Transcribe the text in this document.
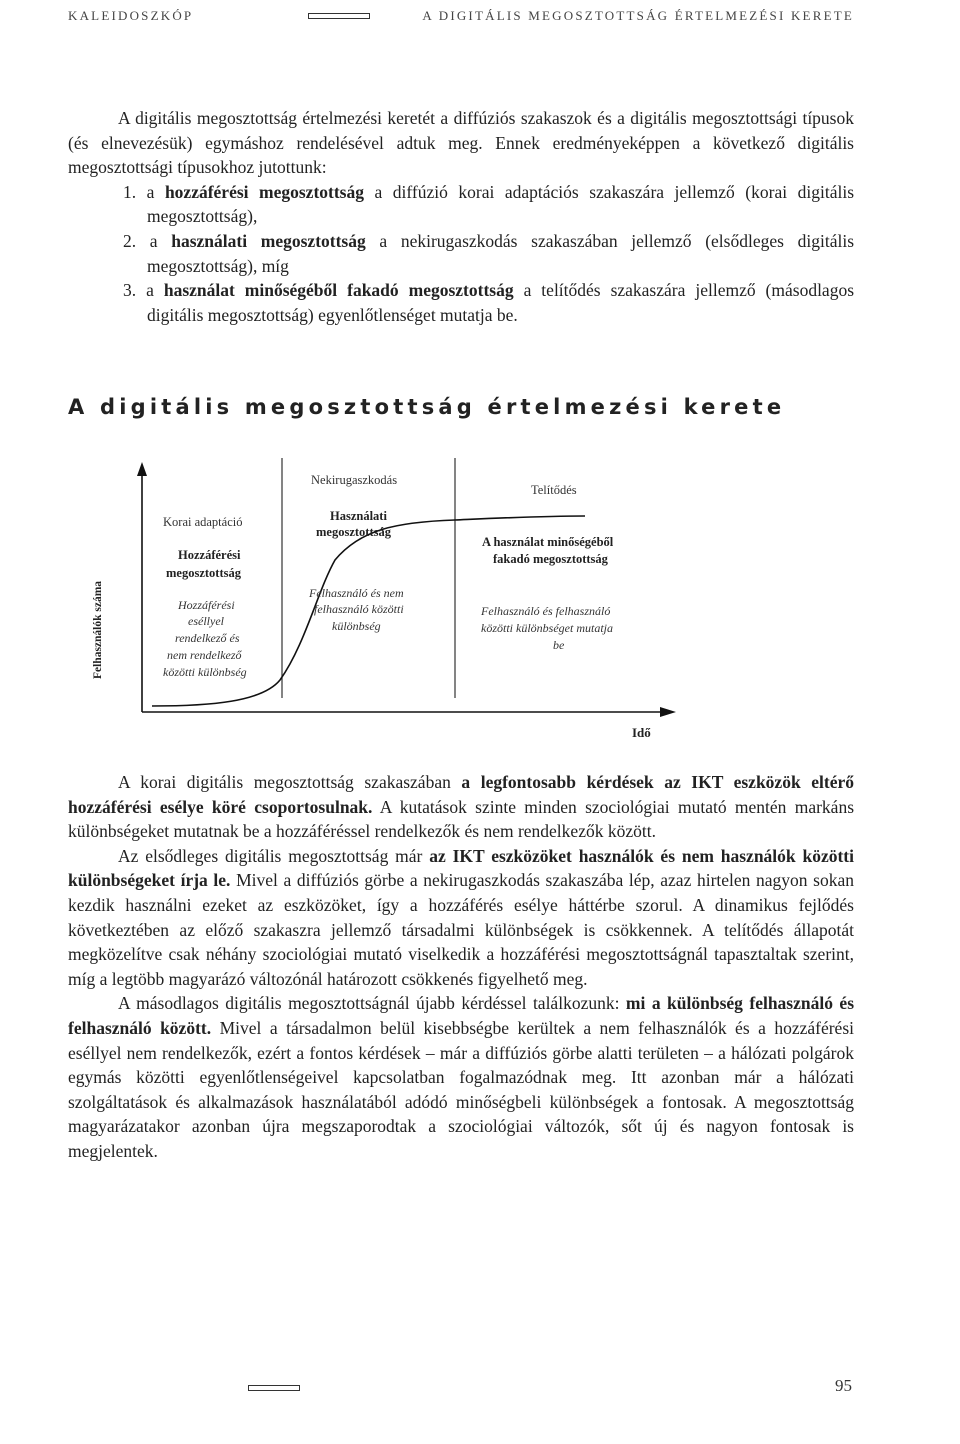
KALEIDOSZKÓP	A DIGITÁLIS MEGOSZTOTTSÁG ÉRTELMEZÉSI KERETE

A digitális megosztottság értelmezési keretét a diffúziós szakaszok és a digitális megosztottsági típusok (és elnevezésük) egymáshoz rendelésével adtuk meg. Ennek eredményeképpen a következő digitális megosztottsági típusokhoz jutottunk:

1. a hozzáférési megosztottság a diffúzió korai adaptációs szakaszára jellemző (korai digitális megosztottság),
2. a használati megosztottság a nekirugaszkodás szakaszában jellemző (elsődleges digitális megosztottság), míg
3. a használat minőségéből fakadó megosztottság a telítődés szakaszára jellemző (másodlagos digitális megosztottság) egyenlőtlenséget mutatja be.
A digitális megosztottság értelmezési kerete
Felhasználók száma
Idő
Korai adaptáció
Hozzáférési
megosztottság
Hozzáférési
eséllyel
rendelkező és
nem rendelkező
közötti különbség
Nekirugaszkodás
Használati
megosztottság
Felhasználó és nem
felhasználó közötti
különbség
Telítődés
A használat minőségéből
fakadó megosztottság
Felhasználó és felhasználó
közötti különbséget mutatja
be

A korai digitális megosztottság szakaszában a legfontosabb kérdések az IKT eszközök eltérő hozzáférési esélye köré csoportosulnak. A kutatások szinte minden szociológiai mutató mentén markáns különbségeket mutatnak be a hozzáféréssel rendelkezők és nem rendelkezők között.

Az elsődleges digitális megosztottság már az IKT eszközöket használók és nem használók közötti különbségeket írja le. Mivel a diffúziós görbe a nekirugaszkodás szakaszába lép, azaz hirtelen nagyon sokan kezdik használni ezeket az eszközöket, így a hozzáférés esélye háttérbe szorul. A dinamikus fejlődés következtében az előző szakaszra jellemző társadalmi különbségek is csökkennek. A telítődés állapotát megközelítve csak néhány szociológiai mutató viselkedik a hozzáférési megosztottságnál tapasztaltak szerint, míg a legtöbb magyarázó változónál határozott csökkenés figyelhető meg.

A másodlagos digitális megosztottságnál újabb kérdéssel találkozunk: mi a különbség felhasználó és felhasználó között. Mivel a társadalmon belül kisebbségbe kerültek a nem felhasználók és a hozzáférési eséllyel nem rendelkezők, ezért a fontos kérdések – már a diffúziós görbe alatti területen – a hálózati polgárok egymás közötti egyenlőtlenségeivel kapcsolatban fogalmazódnak meg. Itt azonban már a hálózati szolgáltatások és alkalmazások használatából adódó minőségbeli különbségek a fontosak. A megosztottság magyarázatakor azonban újra megszaporodtak a szociológiai változók, sőt új és nagyon fontosak is megjelentek.

95
